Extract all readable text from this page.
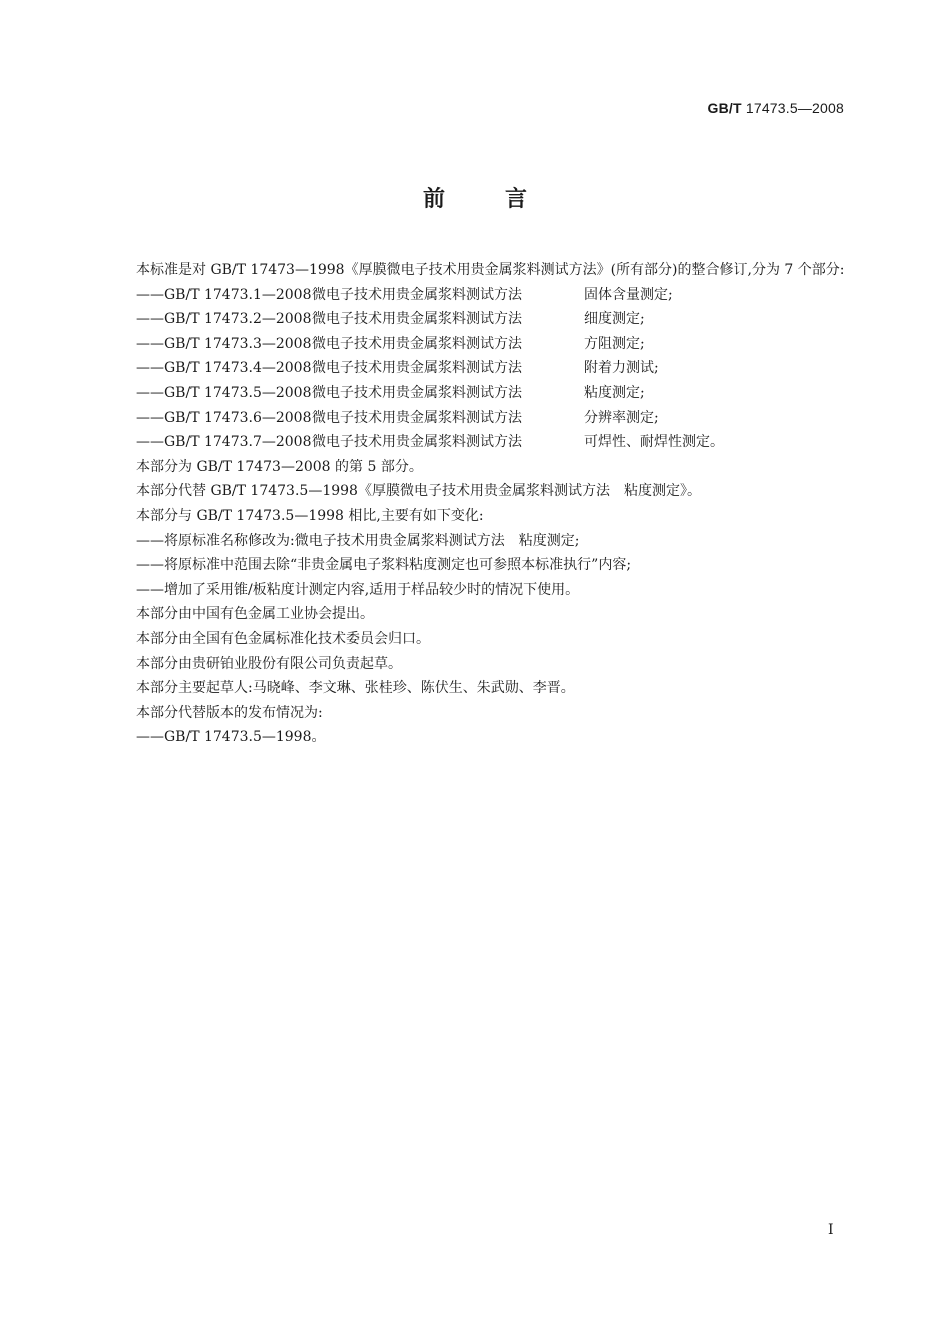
GB/T 17473.5—2008
前言

本标准是对 GB/T 17473—1998《厚膜微电子技术用贵金属浆料测试方法》(所有部分)的整合修订,分为 7 个部分:

——GB/T 17473.1—2008微电子技术用贵金属浆料测试方法	固体含量测定;

——GB/T 17473.2—2008微电子技术用贵金属浆料测试方法	细度测定;

——GB/T 17473.3—2008微电子技术用贵金属浆料测试方法	方阻测定;

——GB/T 17473.4—2008微电子技术用贵金属浆料测试方法	附着力测试;

——GB/T 17473.5—2008微电子技术用贵金属浆料测试方法	粘度测定;

——GB/T 17473.6—2008微电子技术用贵金属浆料测试方法	分辨率测定;

——GB/T 17473.7—2008微电子技术用贵金属浆料测试方法	可焊性、耐焊性测定。

本部分为 GB/T 17473—2008 的第 5 部分。

本部分代替 GB/T 17473.5—1998《厚膜微电子技术用贵金属浆料测试方法　粘度测定》。

本部分与 GB/T 17473.5—1998 相比,主要有如下变化:

——将原标准名称修改为:微电子技术用贵金属浆料测试方法　粘度测定;

——将原标准中范围去除“非贵金属电子浆料粘度测定也可参照本标准执行”内容;

——增加了采用锥/板粘度计测定内容,适用于样品较少时的情况下使用。

本部分由中国有色金属工业协会提出。

本部分由全国有色金属标准化技术委员会归口。

本部分由贵研铂业股份有限公司负责起草。

本部分主要起草人:马晓峰、李文琳、张桂珍、陈伏生、朱武勋、李晋。

本部分代替版本的发布情况为:

——GB/T 17473.5—1998。

I
